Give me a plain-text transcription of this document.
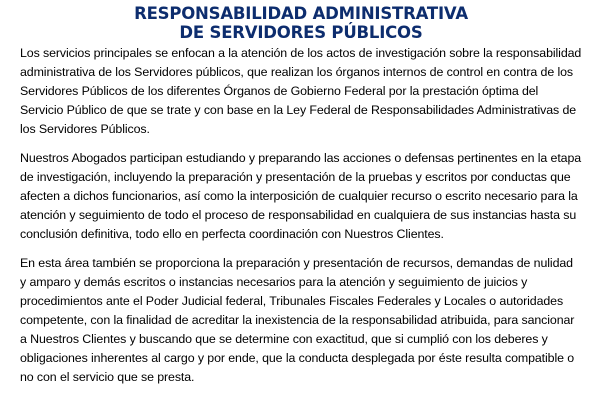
RESPONSABILIDAD ADMINISTRATIVA
DE SERVIDORES PÚBLICOS

Los servicios principales se enfocan a la atención de los actos de investigación sobre la responsabilidad administrativa de los Servidores públicos, que realizan los órganos internos de control en contra de los Servidores Públicos de los diferentes Órganos de Gobierno Federal por la prestación óptima del Servicio Público de que se trate y con base en la Ley Federal de Responsabilidades Administrativas de los Servidores Públicos.

Nuestros Abogados participan estudiando y preparando las acciones o defensas pertinentes en la etapa de investigación, incluyendo la preparación y presentación de la pruebas y escritos por conductas que afecten a dichos funcionarios, así como la interposición de cualquier recurso o escrito necesario para la atención y seguimiento de todo el proceso de responsabilidad en cualquiera de sus instancias hasta su conclusión definitiva, todo ello en perfecta coordinación con Nuestros Clientes.

En esta área también se proporciona la preparación y presentación de recursos, demandas de nulidad y amparo y demás escritos o instancias necesarios para la atención y seguimiento de juicios y procedimientos ante el Poder Judicial federal, Tribunales Fiscales Federales y Locales o autoridades competente, con la finalidad de acreditar la inexistencia de la responsabilidad atribuida, para sancionar a Nuestros Clientes y buscando que se determine con exactitud, que si cumplió con los deberes y obligaciones inherentes al cargo y por ende, que la conducta desplegada por éste resulta compatible o no con el servicio que se presta.
